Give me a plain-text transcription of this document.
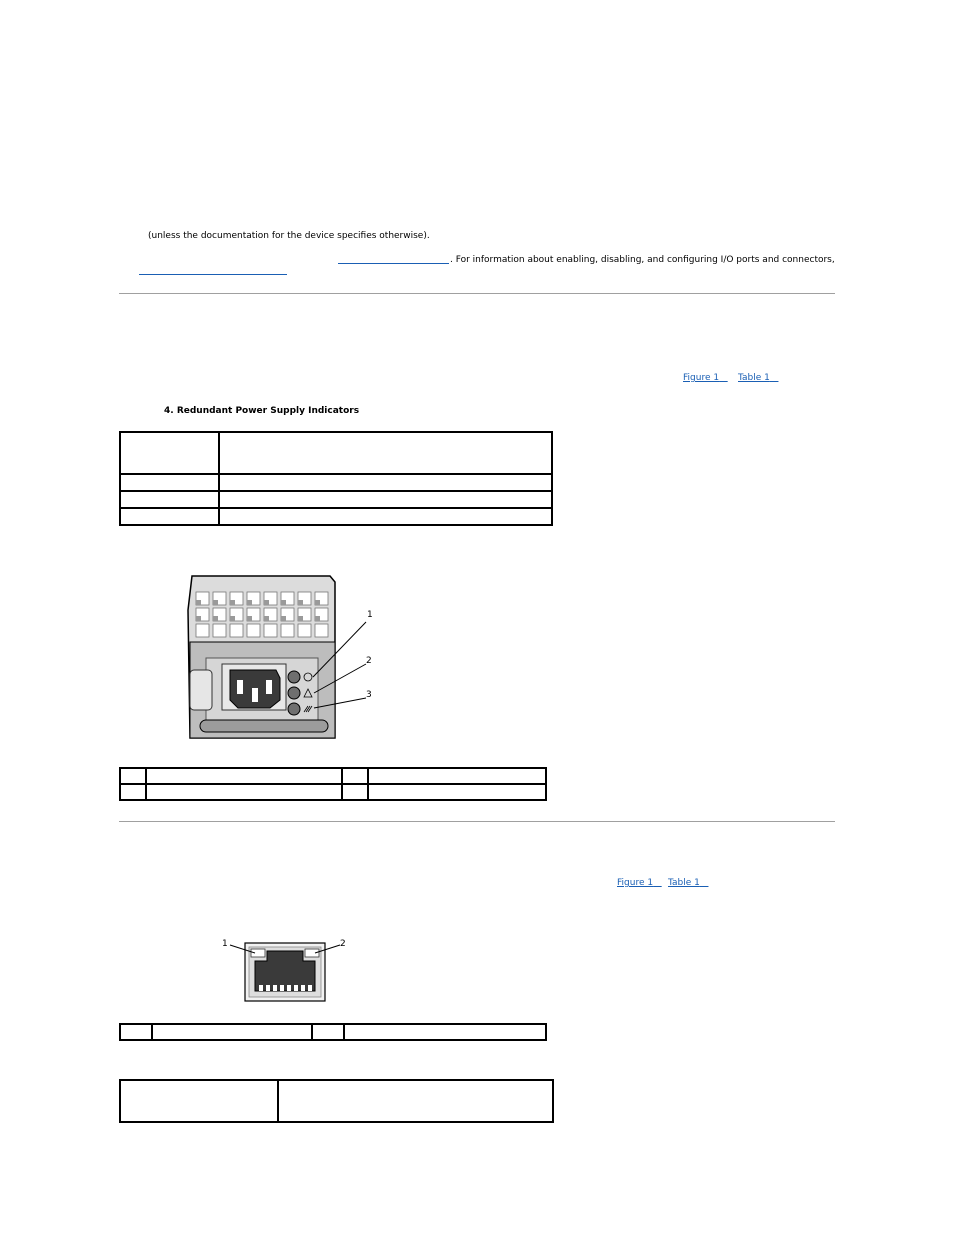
(unless the documentation for the device specifies otherwise).
. For information about enabling, disabling, and configuring I/O ports and connectors,
Figure 1	Table 1
4. Redundant Power Supply Indicators

1
2
3

Figure 1	Table 1
1	2
